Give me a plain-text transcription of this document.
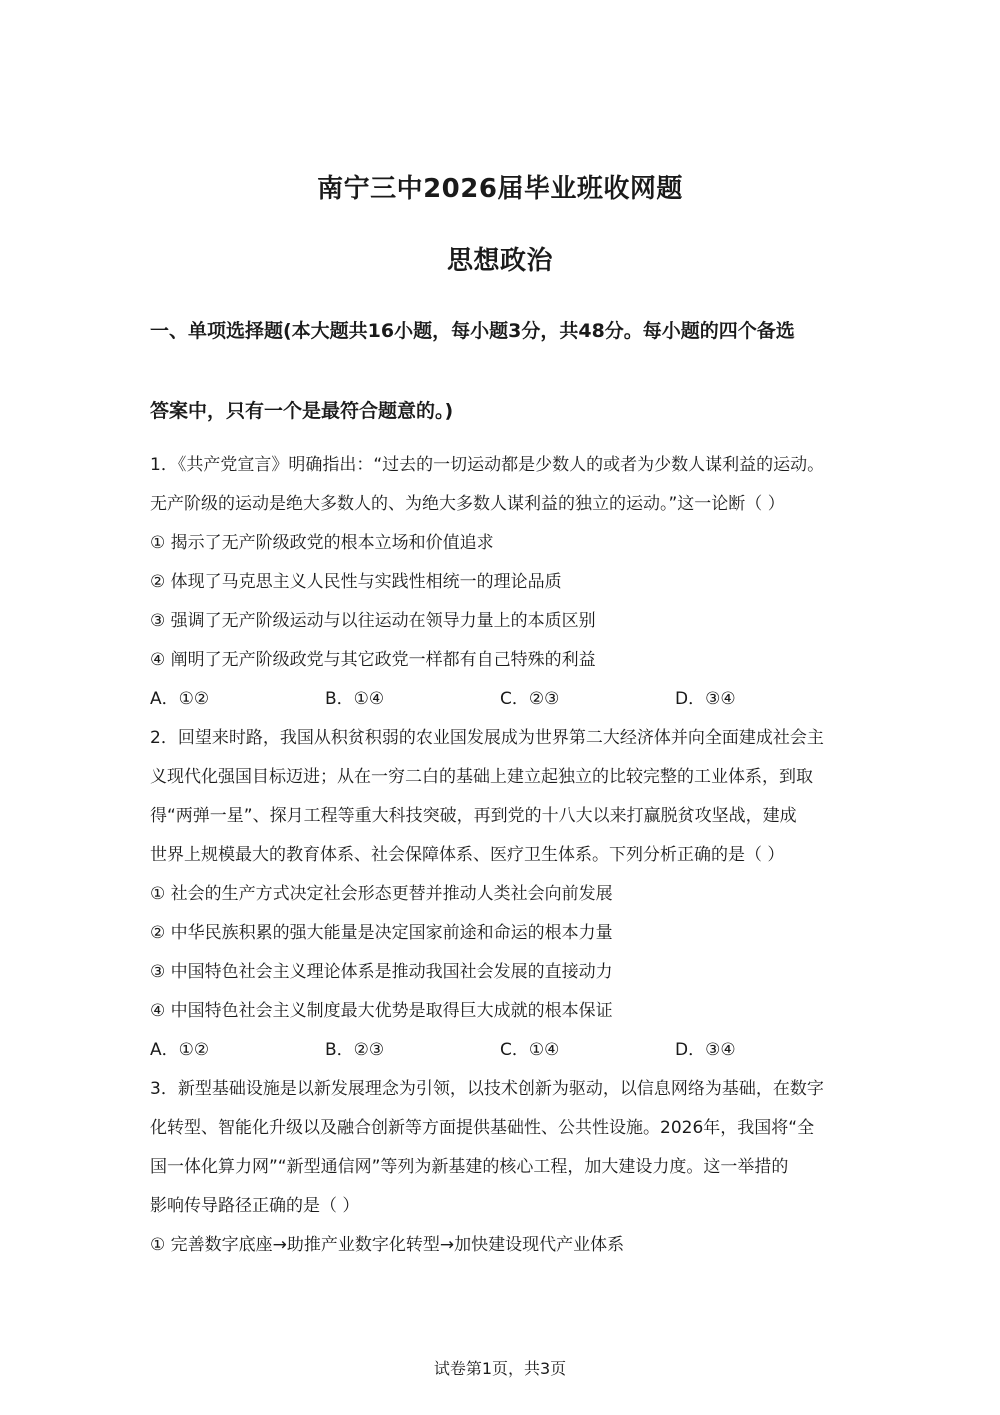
南宁三中2026届毕业班收网题
思想政治
一、单项选择题(本大题共16小题，每小题3分，共48分。每小题的四个备选
答案中，只有一个是最符合题意的。)
1．《共产党宣言》明确指出：“过去的一切运动都是少数人的或者为少数人谋利益的运动。
无产阶级的运动是绝大多数人的、为绝大多数人谋利益的独立的运动。”这一论断（ ）
① 揭示了无产阶级政党的根本立场和价值追求
② 体现了马克思主义人民性与实践性相统一的理论品质
③ 强调了无产阶级运动与以往运动在领导力量上的本质区别
④ 阐明了无产阶级政党与其它政党一样都有自己特殊的利益
A．①②	B．①④	C．②③	D．③④
2．回望来时路，我国从积贫积弱的农业国发展成为世界第二大经济体并向全面建成社会主
义现代化强国目标迈进；从在一穷二白的基础上建立起独立的比较完整的工业体系，到取
得“两弹一星”、探月工程等重大科技突破，再到党的十八大以来打赢脱贫攻坚战，建成
世界上规模最大的教育体系、社会保障体系、医疗卫生体系。下列分析正确的是（ ）
① 社会的生产方式决定社会形态更替并推动人类社会向前发展
② 中华民族积累的强大能量是决定国家前途和命运的根本力量
③ 中国特色社会主义理论体系是推动我国社会发展的直接动力
④ 中国特色社会主义制度最大优势是取得巨大成就的根本保证
A．①②	B．②③	C．①④	D．③④
3．新型基础设施是以新发展理念为引领，以技术创新为驱动，以信息网络为基础，在数字
化转型、智能化升级以及融合创新等方面提供基础性、公共性设施。2026年，我国将“全
国一体化算力网”“新型通信网”等列为新基建的核心工程，加大建设力度。这一举措的
影响传导路径正确的是（ ）
① 完善数字底座→助推产业数字化转型→加快建设现代产业体系
试卷第1页，共3页
